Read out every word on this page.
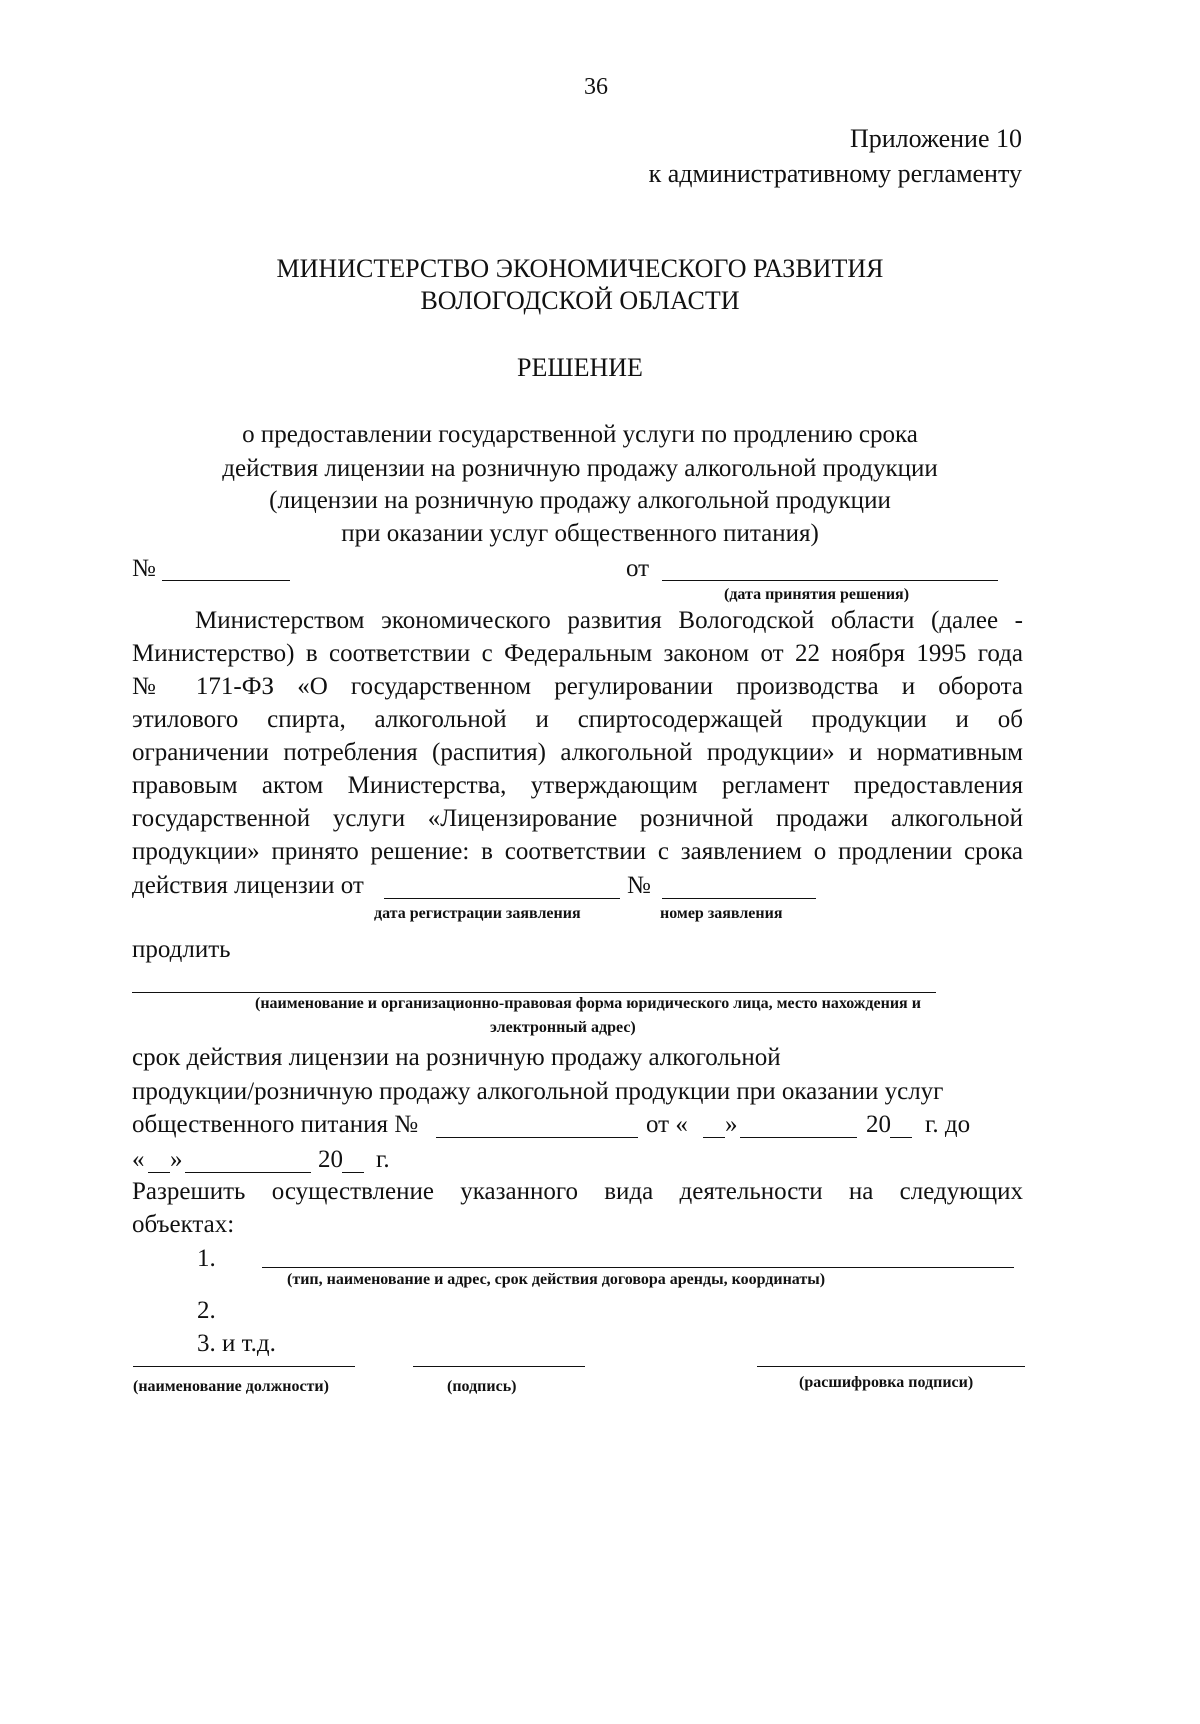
36
Приложение 10
к административному регламенту
МИНИСТЕРСТВО ЭКОНОМИЧЕСКОГО РАЗВИТИЯ
ВОЛОГОДСКОЙ ОБЛАСТИ
РЕШЕНИЕ
о предоставлении государственной услуги по продлению срока
действия лицензии на розничную продажу алкогольной продукции
(лицензии на розничную продажу алкогольной продукции
при оказании услуг общественного питания)
№	от
(дата принятия решения)
Министерством экономического развития Вологодской области (далее -
Министерство) в соответствии с Федеральным законом от 22 ноября 1995 года
№ 171-ФЗ «О государственном регулировании производства и оборота
этилового спирта, алкогольной и спиртосодержащей продукции и об
ограничении потребления (распития) алкогольной продукции» и нормативным
правовым актом Министерства, утверждающим регламент предоставления
государственной услуги «Лицензирование розничной продажи алкогольной
продукции» принято решение: в соответствии с заявлением о продлении срока
действия лицензии от	№
дата регистрации заявления	номер заявления
продлить
(наименование и организационно-правовая форма юридического лица, место нахождения и
электронный адрес)
срок действия лицензии на розничную продажу алкогольной
продукции/розничную продажу алкогольной продукции при оказании услуг
общественного питания №	от « »	20 г. до
« »	20 г.
Разрешить осуществление указанного вида деятельности на следующих
объектах:
1.
(тип, наименование и адрес, срок действия договора аренды, координаты)
2.
3. и т.д.
(наименование должности)	(подпись)	(расшифровка подписи)
